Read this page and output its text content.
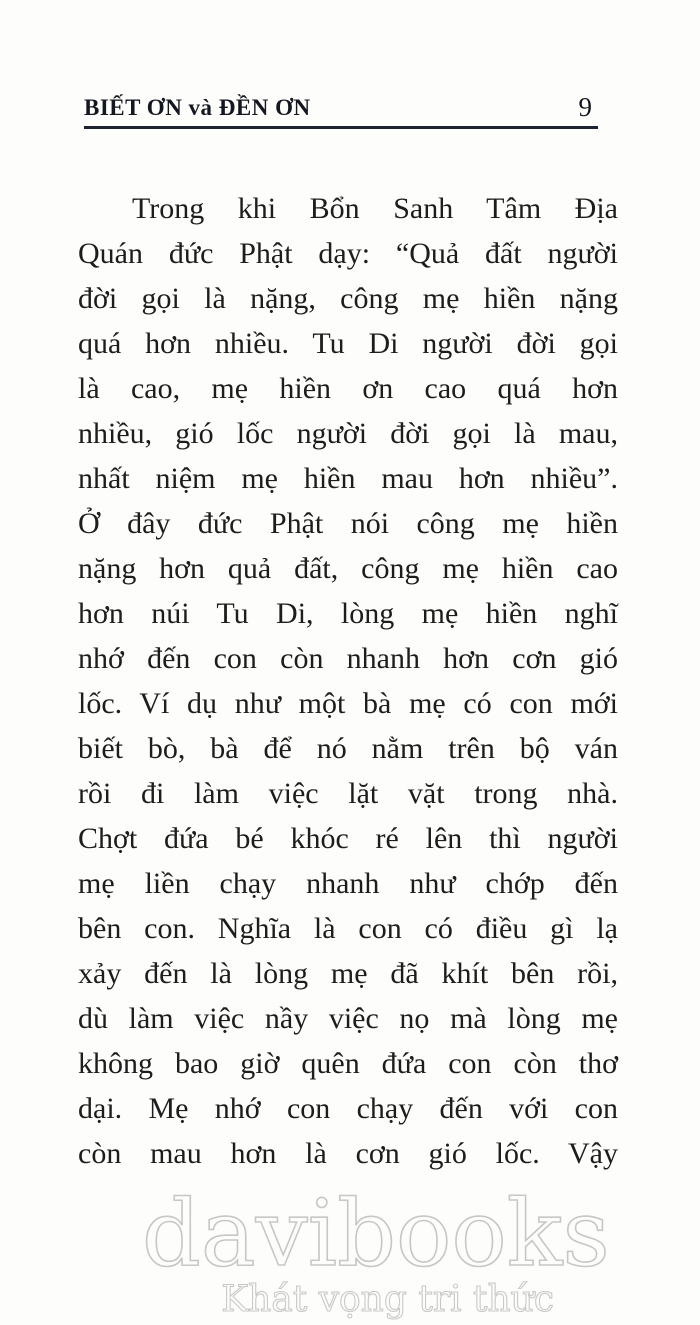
BIẾT ƠN và ĐỀN ƠN	9
Trong khi Bổn Sanh Tâm Địa
Quán đức Phật dạy: “Quả đất người
đời gọi là nặng, công mẹ hiền nặng
quá hơn nhiều. Tu Di người đời gọi
là cao, mẹ hiền ơn cao quá hơn
nhiều, gió lốc người đời gọi là mau,
nhất niệm mẹ hiền mau hơn nhiều”.
Ở đây đức Phật nói công mẹ hiền
nặng hơn quả đất, công mẹ hiền cao
hơn núi Tu Di, lòng mẹ hiền nghĩ
nhớ đến con còn nhanh hơn cơn gió
lốc. Ví dụ như một bà mẹ có con mới
biết bò, bà để nó nằm trên bộ ván
rồi đi làm việc lặt vặt trong nhà.
Chợt đứa bé khóc ré lên thì người
mẹ liền chạy nhanh như chớp đến
bên con. Nghĩa là con có điều gì lạ
xảy đến là lòng mẹ đã khít bên rồi,
dù làm việc nầy việc nọ mà lòng mẹ
không bao giờ quên đứa con còn thơ
dại. Mẹ nhớ con chạy đến với con
còn mau hơn là cơn gió lốc. Vậy
davibooks
Khát vọng tri thức
